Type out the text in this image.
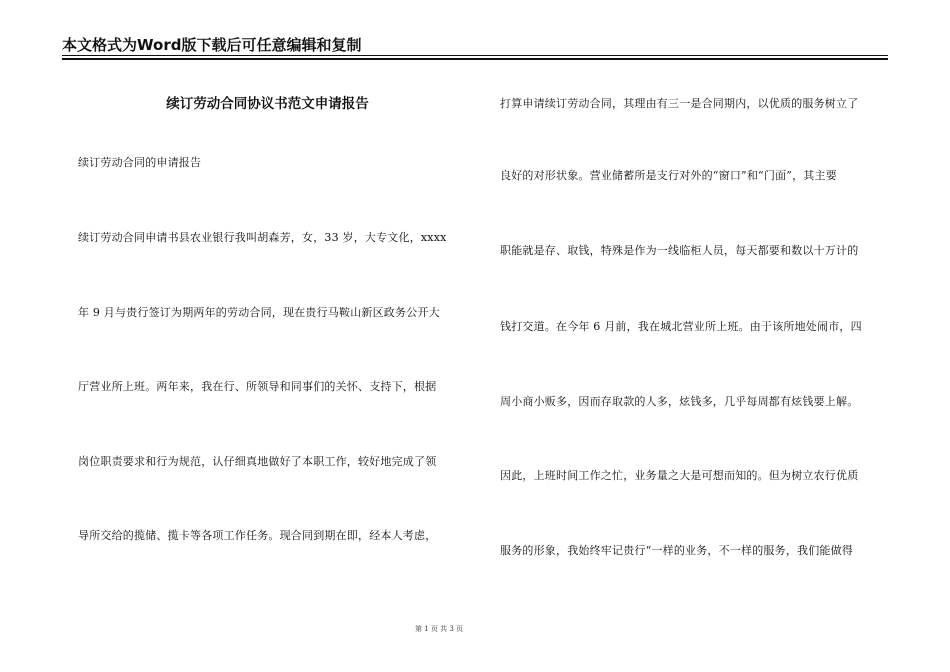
本文格式为Word版下载后可任意编辑和复制
续订劳动合同协议书范文申请报告
续订劳动合同的申请报告
续订劳动合同申请书县农业银行我叫胡森芳，女，33 岁，大专文化，xxxx
年 9 月与贵行签订为期两年的劳动合同，现在贵行马鞍山新区政务公开大
厅营业所上班。两年来，我在行、所领导和同事们的关怀、支持下，根据
岗位职责要求和行为规范，认仔细真地做好了本职工作，较好地完成了领
导所交给的揽储、揽卡等各项工作任务。现合同到期在即，经本人考虑，
打算申请续订劳动合同，其理由有三一是合同期内，以优质的服务树立了
良好的对形状象。营业储蓄所是支行对外的“窗口”和“门面”，其主要
职能就是存、取钱，特殊是作为一线临柜人员，每天都要和数以十万计的
钱打交道。在今年 6 月前，我在城北营业所上班。由于该所地处闹市，四
周小商小贩多，因而存取款的人多，炫钱多，几乎每周都有炫钱要上解。
因此，上班时间工作之忙，业务量之大是可想而知的。但为树立农行优质
服务的形象，我始终牢记贵行“一样的业务，不一样的服务，我们能做得
第 1 页 共 3 页
